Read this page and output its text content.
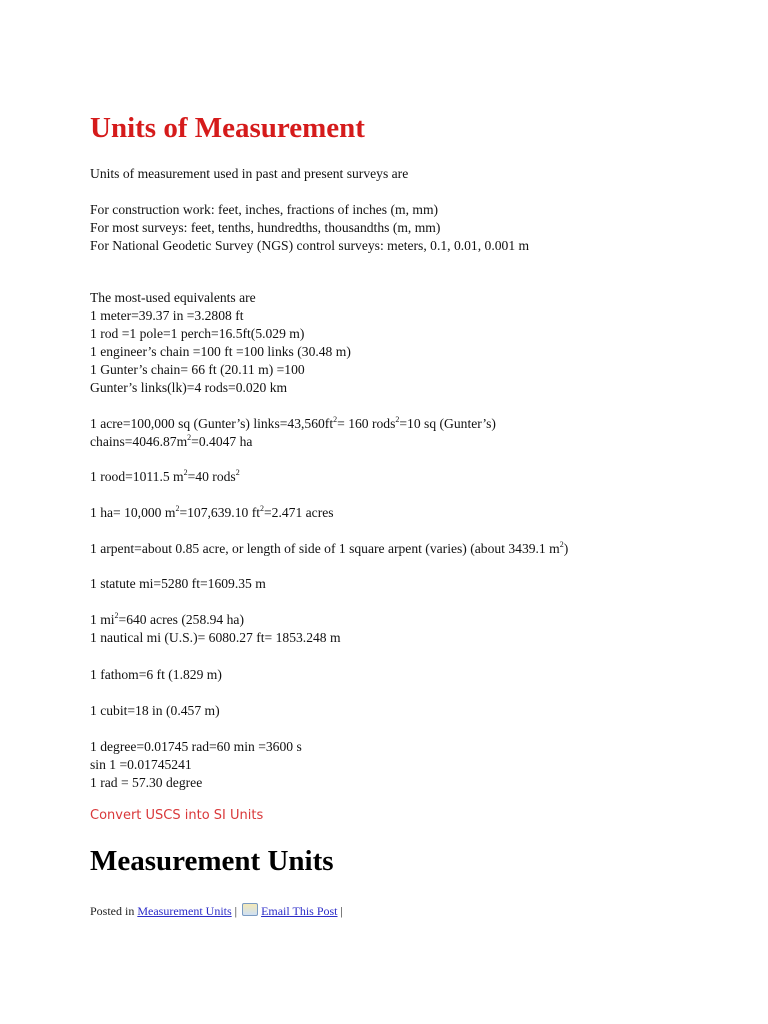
Units of Measurement
Units of measurement used in past and present surveys are
For construction work: feet, inches, fractions of inches (m, mm)
For most surveys: feet, tenths, hundredths, thousandths (m, mm)
For National Geodetic Survey (NGS) control surveys: meters, 0.1, 0.01, 0.001 m
The most-used equivalents are
1 meter=39.37 in =3.2808 ft
1 rod =1 pole=1 perch=16.5ft(5.029 m)
1 engineer’s chain =100 ft =100 links (30.48 m)
1 Gunter’s chain= 66 ft (20.11 m) =100
Gunter’s links(lk)=4 rods=0.020 km
1 acre=100,000 sq (Gunter’s) $links=43,560ft^2= 160$ rods$^2$=10 sq (Gunter’s)
$chains=4046.87m^2=0.4047$ ha
1 rood=1011.5 $m^2=40$ rods$^2$
1 ha= 10,000 $m^2=107,639.10$ $ft^2=2.471$ acres
1 arpent=about 0.85 acre, or length of side of 1 square arpent (varies) (about 3439.1 $m^2$)
1 statute mi=5280 ft=1609.35 m
1 $mi^2=640$ acres (258.94 ha)
1 nautical mi (U.S.)= 6080.27 ft= 1853.248 m
1 fathom=6 ft (1.829 m)
1 cubit=18 in (0.457 m)
1 degree=0.01745 rad=60 min =3600 s
sin 1 =0.01745241
1 rad = 57.30 degree
Convert USCS into SI Units
Measurement Units
Posted in Measurement Units | Email This Post |
